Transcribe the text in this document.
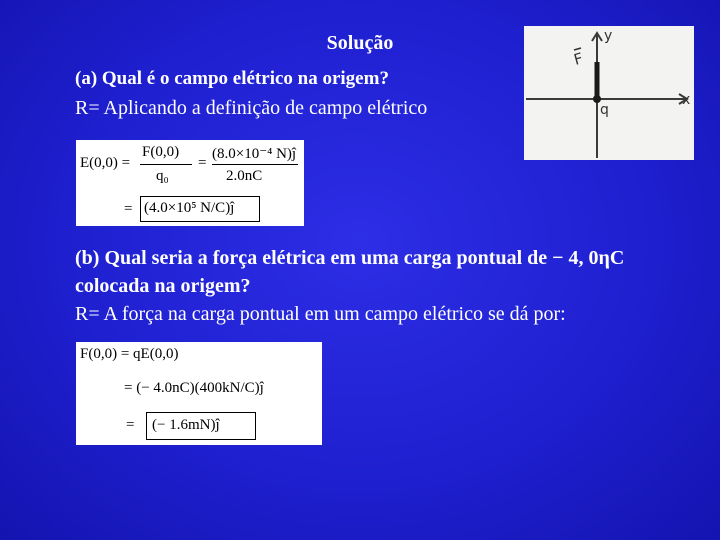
Solução
(a) Qual é o campo elétrico na origem?
R= Aplicando a definição de campo elétrico
E(0,0) =
F(0,0)
q₀
=
(8.0×10⁻⁴ N)ĵ
2.0nC
= (4.0×10⁵ N/C)ĵ
(b) Qual seria a força elétrica em uma carga pontual de − 4, 0ηC colocada na origem?
R= A força na carga pontual em um campo elétrico se dá por:
F(0,0) = qE(0,0)
= (− 4.0nC)(400kN/C)ĵ
= (− 1.6mN)ĵ
y
x
q
F
